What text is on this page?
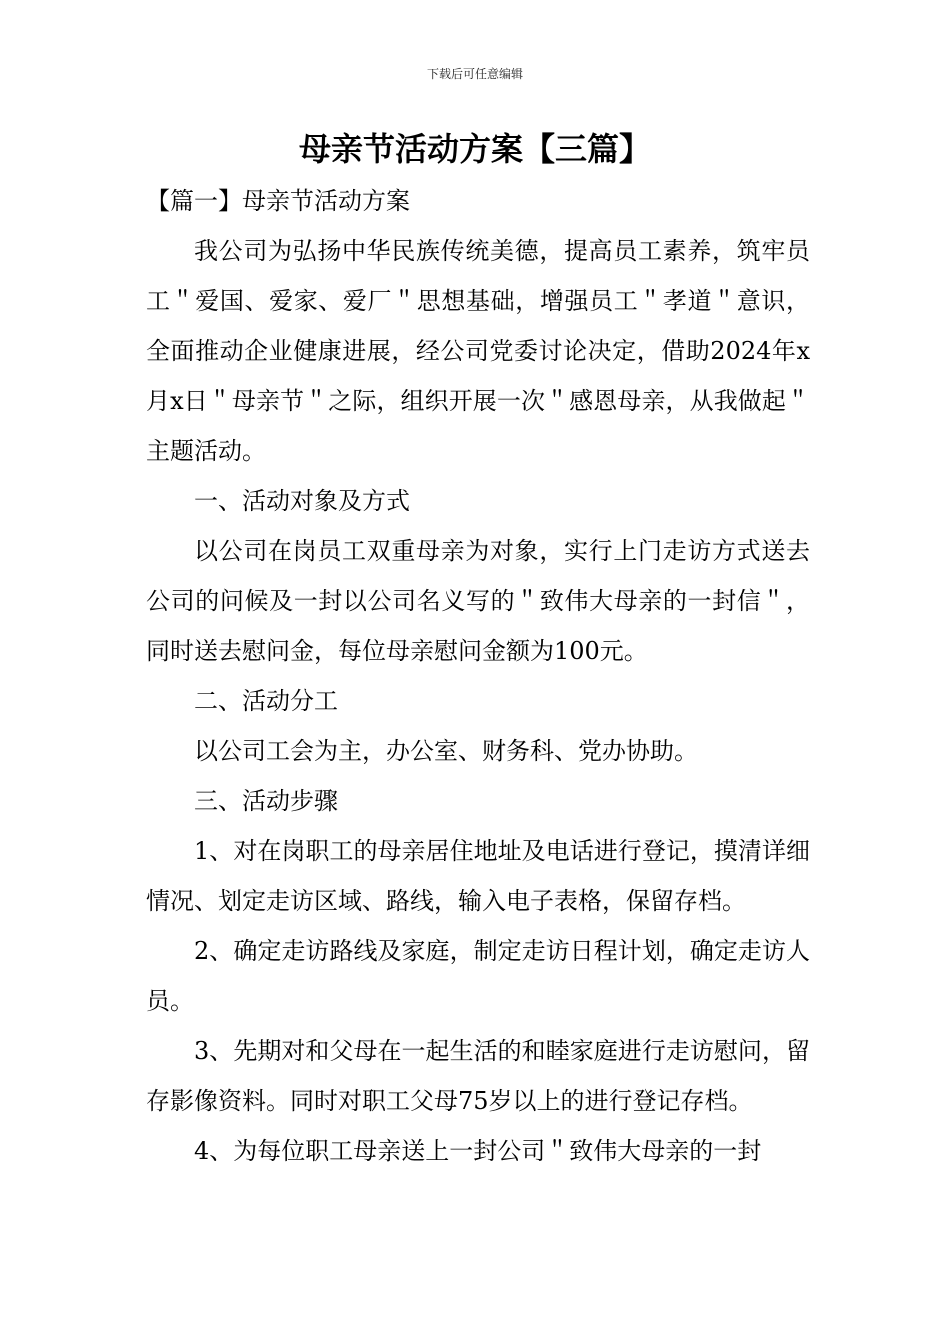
下载后可任意编辑
母亲节活动方案【三篇】

【篇一】母亲节活动方案

我公司为弘扬中华民族传统美德，提高员工素养，筑牢员工＂爱国、爱家、爱厂＂思想基础，增强员工＂孝道＂意识，全面推动企业健康进展，经公司党委讨论决定，借助2024年x月x日＂母亲节＂之际，组织开展一次＂感恩母亲，从我做起＂主题活动。

一、活动对象及方式

以公司在岗员工双重母亲为对象，实行上门走访方式送去公司的问候及一封以公司名义写的＂致伟大母亲的一封信＂，同时送去慰问金，每位母亲慰问金额为100元。

二、活动分工

以公司工会为主，办公室、财务科、党办协助。

三、活动步骤

1、对在岗职工的母亲居住地址及电话进行登记，摸清详细情况、划定走访区域、路线，输入电子表格，保留存档。

2、确定走访路线及家庭，制定走访日程计划，确定走访人员。

3、先期对和父母在一起生活的和睦家庭进行走访慰问，留存影像资料。同时对职工父母75岁以上的进行登记存档。

4、为每位职工母亲送上一封公司＂致伟大母亲的一封
